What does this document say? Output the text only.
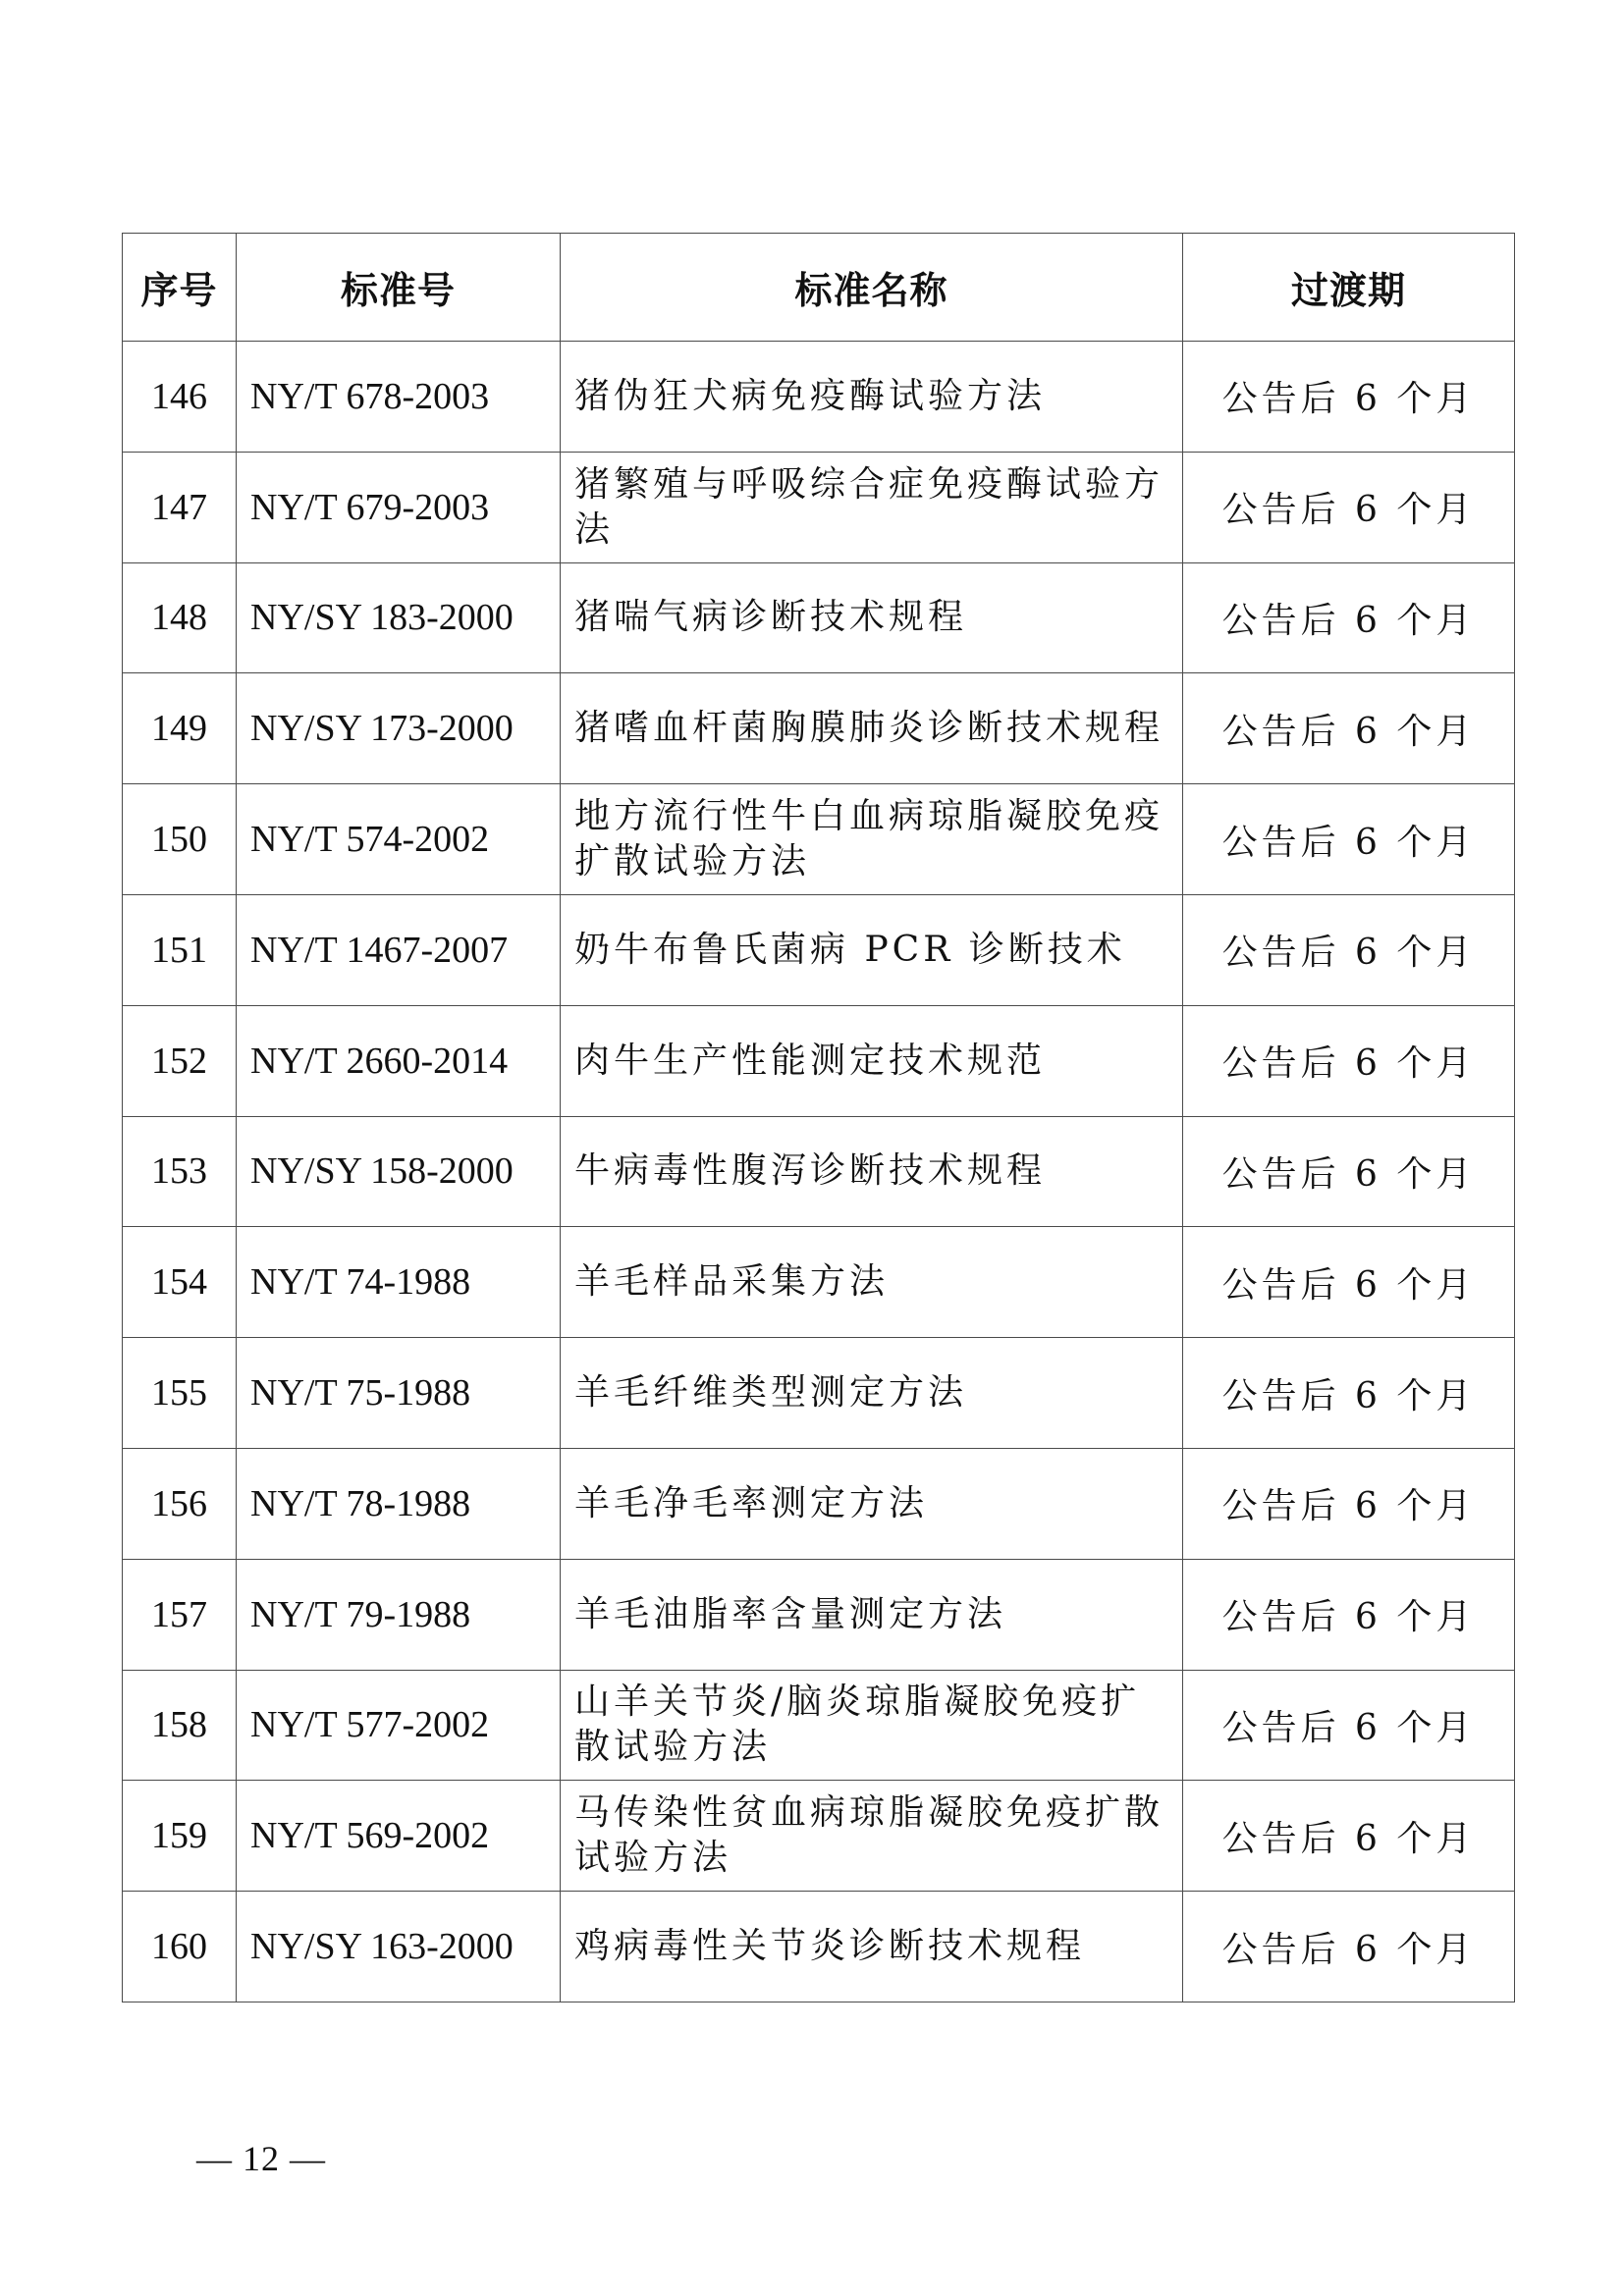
序号	标准号	标准名称	过渡期
146	NY/T 678-2003	猪伪狂犬病免疫酶试验方法	公告后 6 个月
147	NY/T 679-2003	猪繁殖与呼吸综合症免疫酶试验方法	公告后 6 个月
148	NY/SY 183-2000	猪喘气病诊断技术规程	公告后 6 个月
149	NY/SY 173-2000	猪嗜血杆菌胸膜肺炎诊断技术规程	公告后 6 个月
150	NY/T 574-2002	地方流行性牛白血病琼脂凝胶免疫扩散试验方法	公告后 6 个月
151	NY/T 1467-2007	奶牛布鲁氏菌病 PCR 诊断技术	公告后 6 个月
152	NY/T 2660-2014	肉牛生产性能测定技术规范	公告后 6 个月
153	NY/SY 158-2000	牛病毒性腹泻诊断技术规程	公告后 6 个月
154	NY/T 74-1988	羊毛样品采集方法	公告后 6 个月
155	NY/T 75-1988	羊毛纤维类型测定方法	公告后 6 个月
156	NY/T 78-1988	羊毛净毛率测定方法	公告后 6 个月
157	NY/T 79-1988	羊毛油脂率含量测定方法	公告后 6 个月
158	NY/T 577-2002	山羊关节炎/脑炎琼脂凝胶免疫扩散试验方法	公告后 6 个月
159	NY/T 569-2002	马传染性贫血病琼脂凝胶免疫扩散试验方法	公告后 6 个月
160	NY/SY 163-2000	鸡病毒性关节炎诊断技术规程	公告后 6 个月
— 12 —
